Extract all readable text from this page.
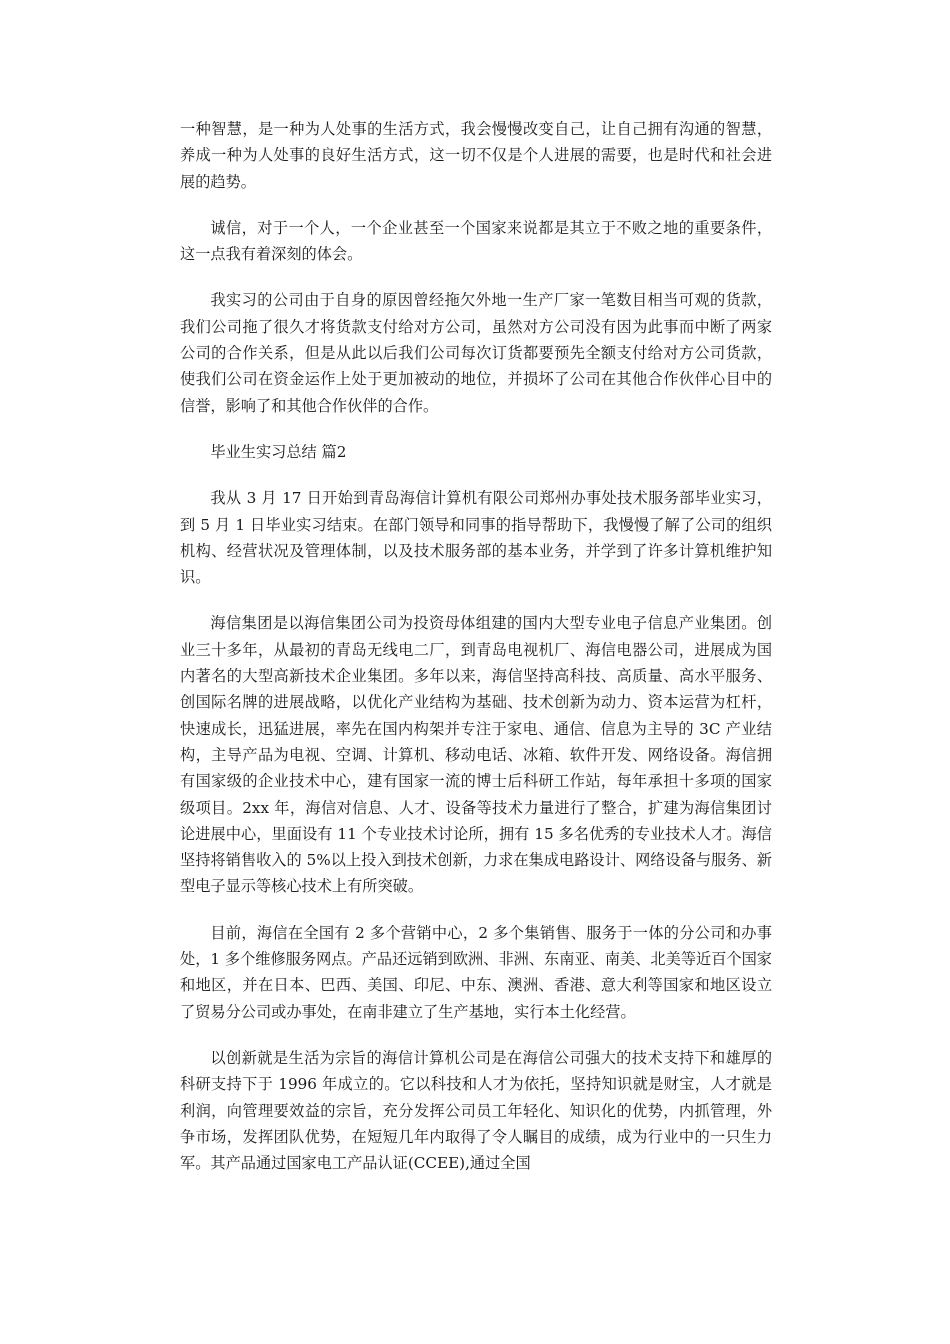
一种智慧，是一种为人处事的生活方式，我会慢慢改变自己，让自己拥有沟通的智慧，养成一种为人处事的良好生活方式，这一切不仅是个人进展的需要，也是时代和社会进展的趋势。

诚信，对于一个人，一个企业甚至一个国家来说都是其立于不败之地的重要条件，这一点我有着深刻的体会。

我实习的公司由于自身的原因曾经拖欠外地一生产厂家一笔数目相当可观的货款，我们公司拖了很久才将货款支付给对方公司，虽然对方公司没有因为此事而中断了两家公司的合作关系，但是从此以后我们公司每次订货都要预先全额支付给对方公司货款，使我们公司在资金运作上处于更加被动的地位，并损坏了公司在其他合作伙伴心目中的信誉，影响了和其他合作伙伴的合作。

毕业生实习总结 篇2

我从 3 月 17 日开始到青岛海信计算机有限公司郑州办事处技术服务部毕业实习，到 5 月 1 日毕业实习结束。在部门领导和同事的指导帮助下，我慢慢了解了公司的组织机构、经营状况及管理体制，以及技术服务部的基本业务，并学到了许多计算机维护知识。

海信集团是以海信集团公司为投资母体组建的国内大型专业电子信息产业集团。创业三十多年，从最初的青岛无线电二厂，到青岛电视机厂、海信电器公司，进展成为国内著名的大型高新技术企业集团。多年以来，海信坚持高科技、高质量、高水平服务、创国际名牌的进展战略，以优化产业结构为基础、技术创新为动力、资本运营为杠杆，快速成长，迅猛进展，率先在国内构架并专注于家电、通信、信息为主导的 3C 产业结构，主导产品为电视、空调、计算机、移动电话、冰箱、软件开发、网络设备。海信拥有国家级的企业技术中心，建有国家一流的博士后科研工作站，每年承担十多项的国家级项目。2xx 年，海信对信息、人才、设备等技术力量进行了整合，扩建为海信集团讨论进展中心，里面设有 11 个专业技术讨论所，拥有 15 多名优秀的专业技术人才。海信坚持将销售收入的 5%以上投入到技术创新，力求在集成电路设计、网络设备与服务、新型电子显示等核心技术上有所突破。

目前，海信在全国有 2 多个营销中心，2 多个集销售、服务于一体的分公司和办事处，1 多个维修服务网点。产品还远销到欧洲、非洲、东南亚、南美、北美等近百个国家和地区，并在日本、巴西、美国、印尼、中东、澳洲、香港、意大利等国家和地区设立了贸易分公司或办事处，在南非建立了生产基地，实行本土化经营。

以创新就是生活为宗旨的海信计算机公司是在海信公司强大的技术支持下和雄厚的科研支持下于 1996 年成立的。它以科技和人才为依托，坚持知识就是财宝，人才就是利润，向管理要效益的宗旨，充分发挥公司员工年轻化、知识化的优势，内抓管理，外争市场，发挥团队优势，在短短几年内取得了令人瞩目的成绩，成为行业中的一只生力军。其产品通过国家电工产品认证(CCEE),通过全国
